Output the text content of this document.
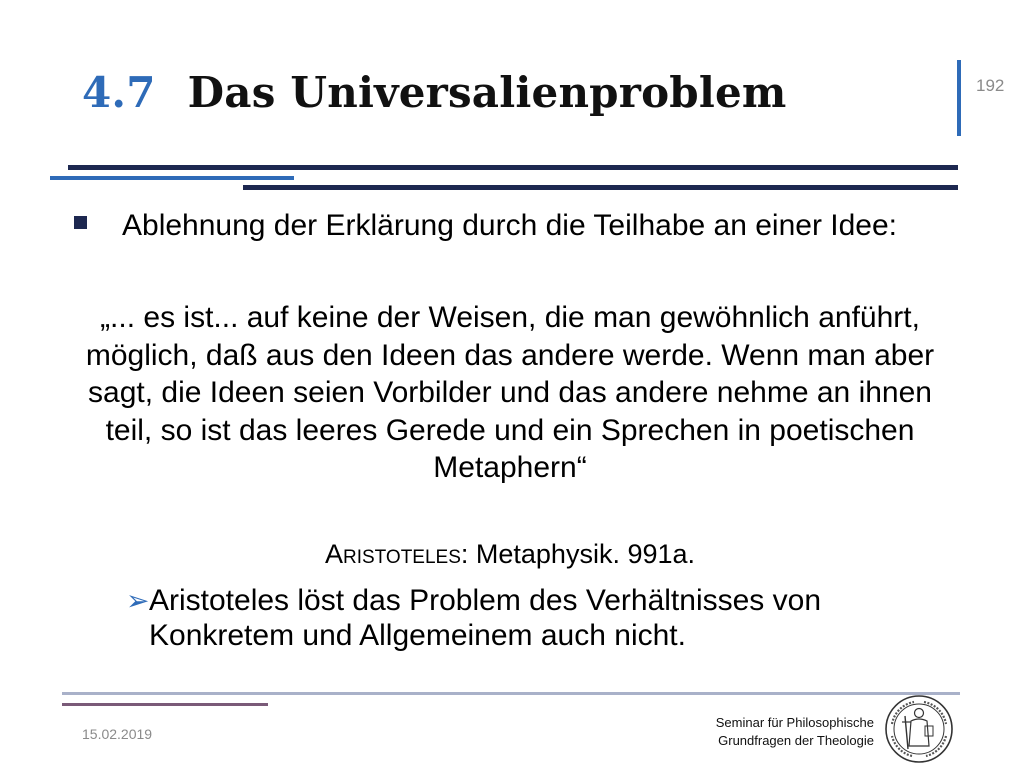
4.7 Das Universalienproblem	192

Ablehnung der Erklärung durch die Teilhabe an einer Idee:

„... es ist... auf keine der Weisen, die man gewöhnlich anführt, möglich, daß aus den Ideen das andere werde. Wenn man aber sagt, die Ideen seien Vorbilder und das andere nehme an ihnen teil, so ist das leeres Gerede und ein Sprechen in poetischen Metaphern“

Aristoteles: Metaphysik. 991a.

➢ Aristoteles löst das Problem des Verhältnisses von Konkretem und Allgemeinem auch nicht.

15.02.2019
Seminar für Philosophische
Grundfragen der Theologie
